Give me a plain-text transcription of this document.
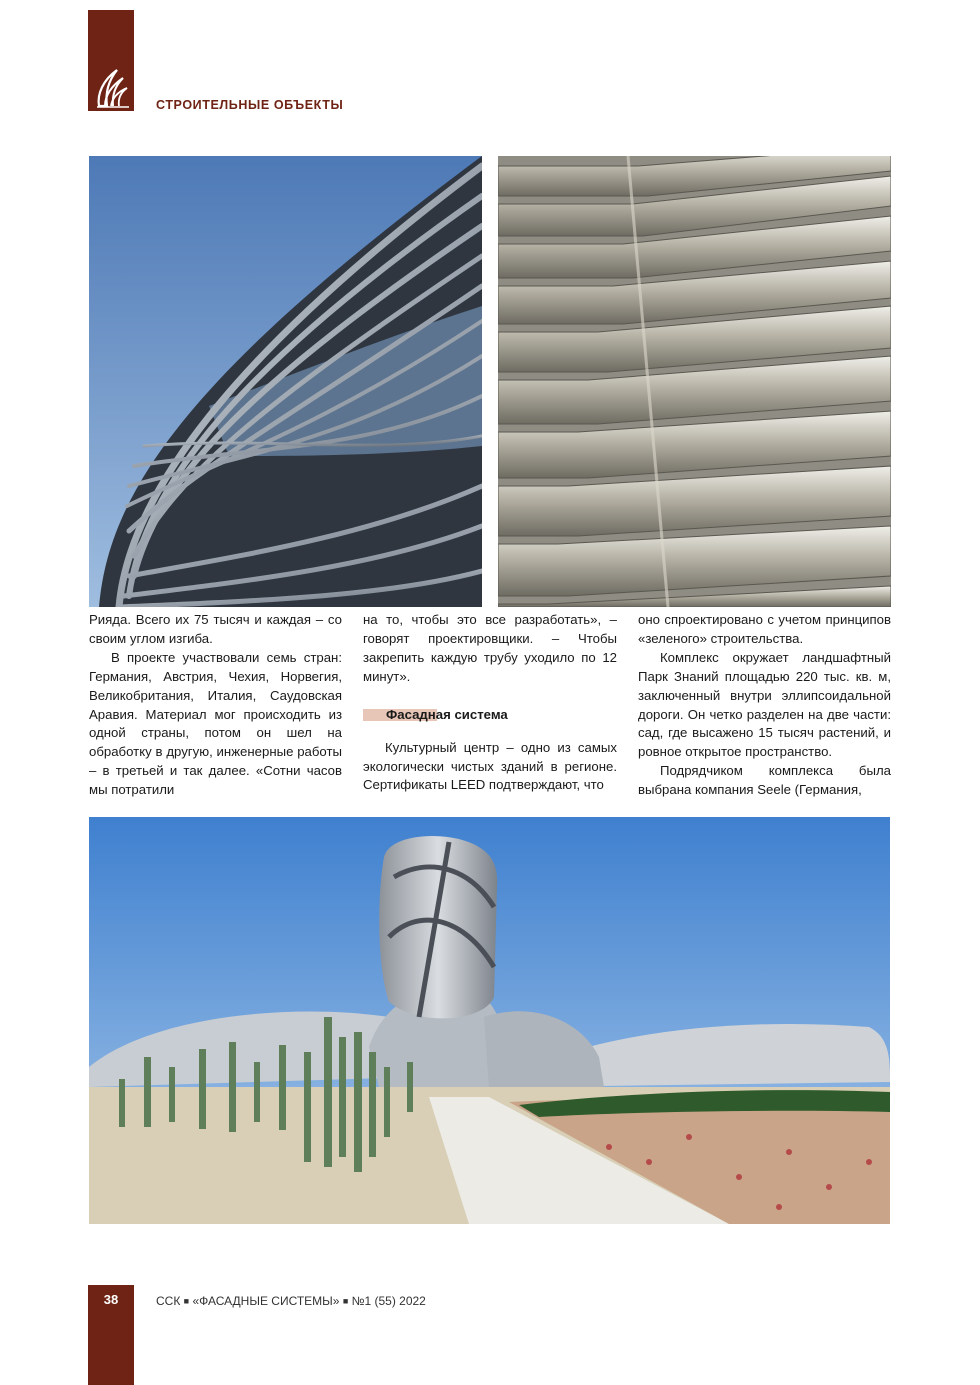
СТРОИТЕЛЬНЫЕ ОБЪЕКТЫ

Рияда. Всего их 75 тысяч и каждая – со своим углом изгиба.

В проекте участвовали семь стран: Германия, Австрия, Чехия, Норвегия, Великобритания, Италия, Саудовская Аравия. Материал мог происходить из одной страны, потом он шел на обработку в другую, инженерные работы – в третьей и так далее. «Сотни часов мы потратили

на то, чтобы это все разработать», – говорят проектировщики. – Чтобы закрепить каждую трубу уходило по 12 минут».

Фасадная система

Культурный центр – одно из самых экологически чистых зданий в регионе. Сертификаты LEED подтверждают, что

оно спроектировано с учетом принципов «зеленого» строительства.

Комплекс окружает ландшафтный Парк Знаний площадью 220 тыс. кв. м, заключенный внутри эллипсоидальной дороги. Он четко разделен на две части: сад, где высажено 15 тысяч растений, и ровное открытое пространство.

Подрядчиком комплекса была выбрана компания Seele (Германия,

38	ССК ■ «ФАСАДНЫЕ СИСТЕМЫ» ■ №1 (55) 2022
